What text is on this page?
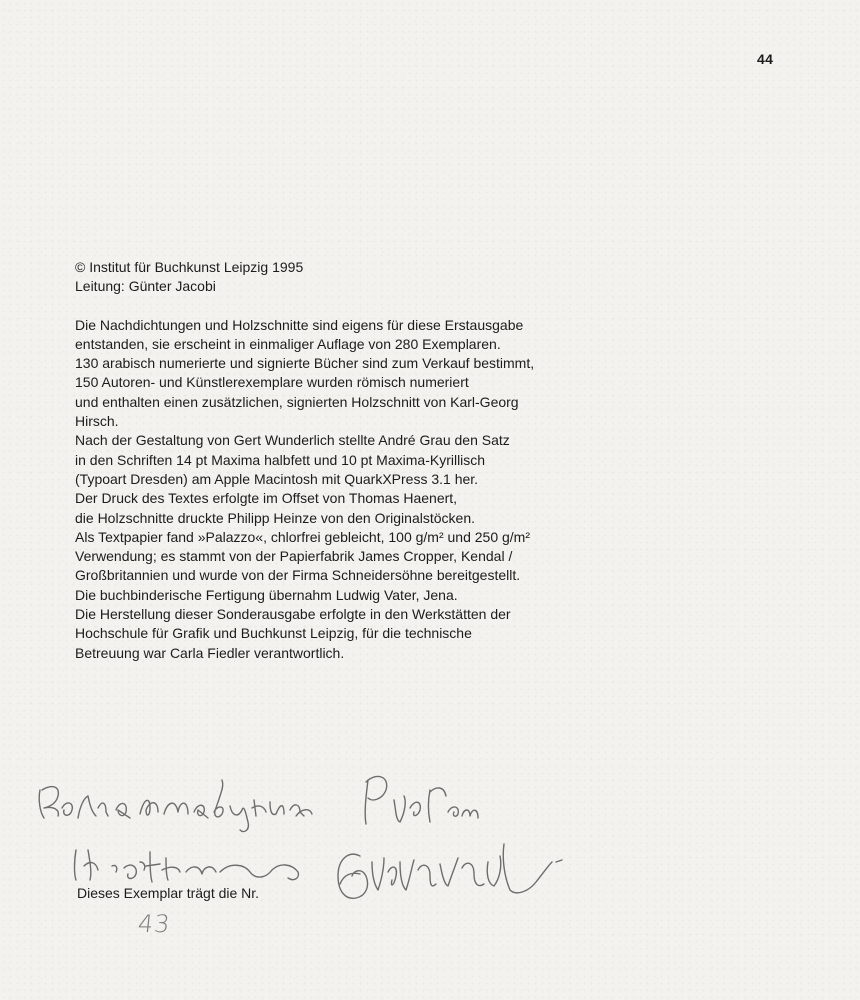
44

© Institut für Buchkunst Leipzig 1995

Leitung: Günter Jacobi

Die Nachdichtungen und Holzschnitte sind eigens für diese Erstausgabe

entstanden, sie erscheint in einmaliger Auflage von 280 Exemplaren.

130 arabisch numerierte und signierte Bücher sind zum Verkauf bestimmt,

150 Autoren- und Künstlerexemplare wurden römisch numeriert

und enthalten einen zusätzlichen, signierten Holzschnitt von Karl-Georg

Hirsch.

Nach der Gestaltung von Gert Wunderlich stellte André Grau den Satz

in den Schriften 14 pt Maxima halbfett und 10 pt Maxima-Kyrillisch

(Typoart Dresden) am Apple Macintosh mit QuarkXPress 3.1 her.

Der Druck des Textes erfolgte im Offset von Thomas Haenert,

die Holzschnitte druckte Philipp Heinze von den Originalstöcken.

Als Textpapier fand »Palazzo«, chlorfrei gebleicht, 100 g/m² und 250 g/m²

Verwendung; es stammt von der Papierfabrik James Cropper, Kendal /

Großbritannien und wurde von der Firma Schneidersöhne bereitgestellt.

Die buchbinderische Fertigung übernahm Ludwig Vater, Jena.

Die Herstellung dieser Sonderausgabe erfolgte in den Werkstätten der

Hochschule für Grafik und Buchkunst Leipzig, für die technische

Betreuung war Carla Fiedler verantwortlich.

Dieses Exemplar trägt die Nr.
43
